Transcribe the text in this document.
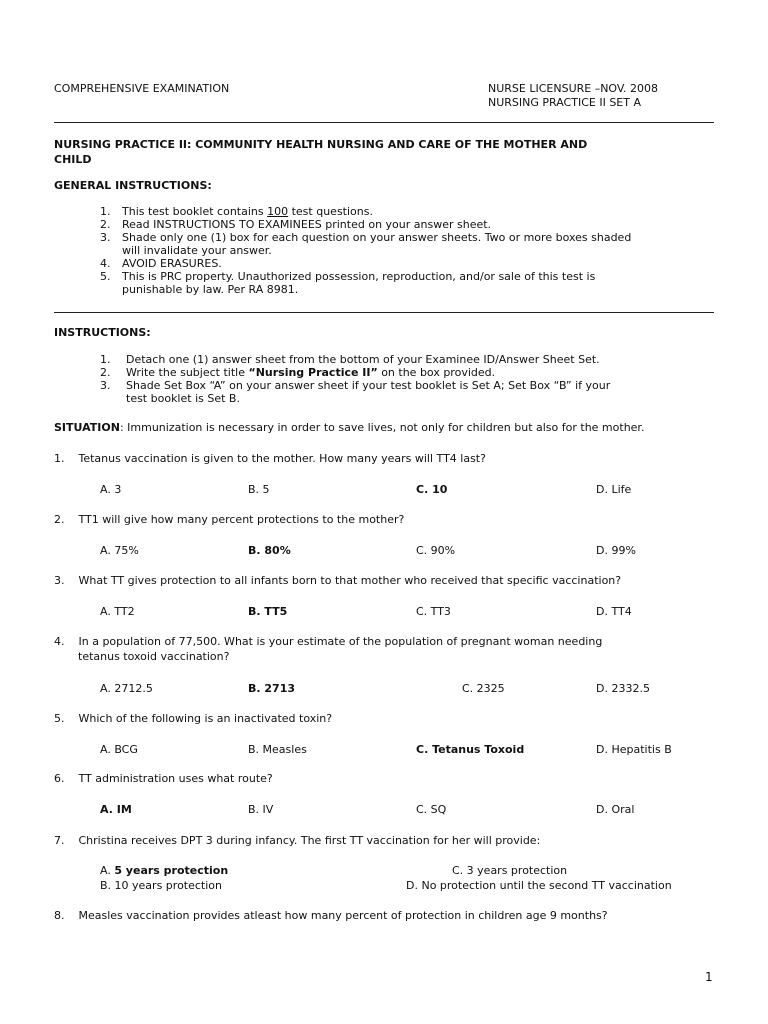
COMPREHENSIVE EXAMINATION	NURSE LICENSURE –NOV. 2008
NURSING PRACTICE II SET A
NURSING PRACTICE II: COMMUNITY HEALTH NURSING AND CARE OF THE MOTHER AND
CHILD
GENERAL INSTRUCTIONS:
1. This test booklet contains 100 test questions.
2. Read INSTRUCTIONS TO EXAMINEES printed on your answer sheet.
3. Shade only one (1) box for each question on your answer sheets. Two or more boxes shaded
will invalidate your answer.
4. AVOID ERASURES.
5. This is PRC property. Unauthorized possession, reproduction, and/or sale of this test is
punishable by law. Per RA 8981.
INSTRUCTIONS:
1. Detach one (1) answer sheet from the bottom of your Examinee ID/Answer Sheet Set.
2. Write the subject title “Nursing Practice II” on the box provided.
3. Shade Set Box “A” on your answer sheet if your test booklet is Set A; Set Box “B” if your
test booklet is Set B.
SITUATION: Immunization is necessary in order to save lives, not only for children but also for the mother.
1. Tetanus vaccination is given to the mother. How many years will TT4 last?
A. 3	B. 5	C. 10	D. Life
2. TT1 will give how many percent protections to the mother?
A. 75%	B. 80%	C. 90%	D. 99%
3. What TT gives protection to all infants born to that mother who received that specific vaccination?
A. TT2	B. TT5	C. TT3	D. TT4
4. In a population of 77,500. What is your estimate of the population of pregnant woman needing
tetanus toxoid vaccination?
A. 2712.5	B. 2713	C. 2325	D. 2332.5
5. Which of the following is an inactivated toxin?
A. BCG	B. Measles	C. Tetanus Toxoid	D. Hepatitis B
6. TT administration uses what route?
A. IM	B. IV	C. SQ	D. Oral
7. Christina receives DPT 3 during infancy. The first TT vaccination for her will provide:
A. 5 years protection	C. 3 years protection
B. 10 years protection	D. No protection until the second TT vaccination
8. Measles vaccination provides atleast how many percent of protection in children age 9 months?
1
